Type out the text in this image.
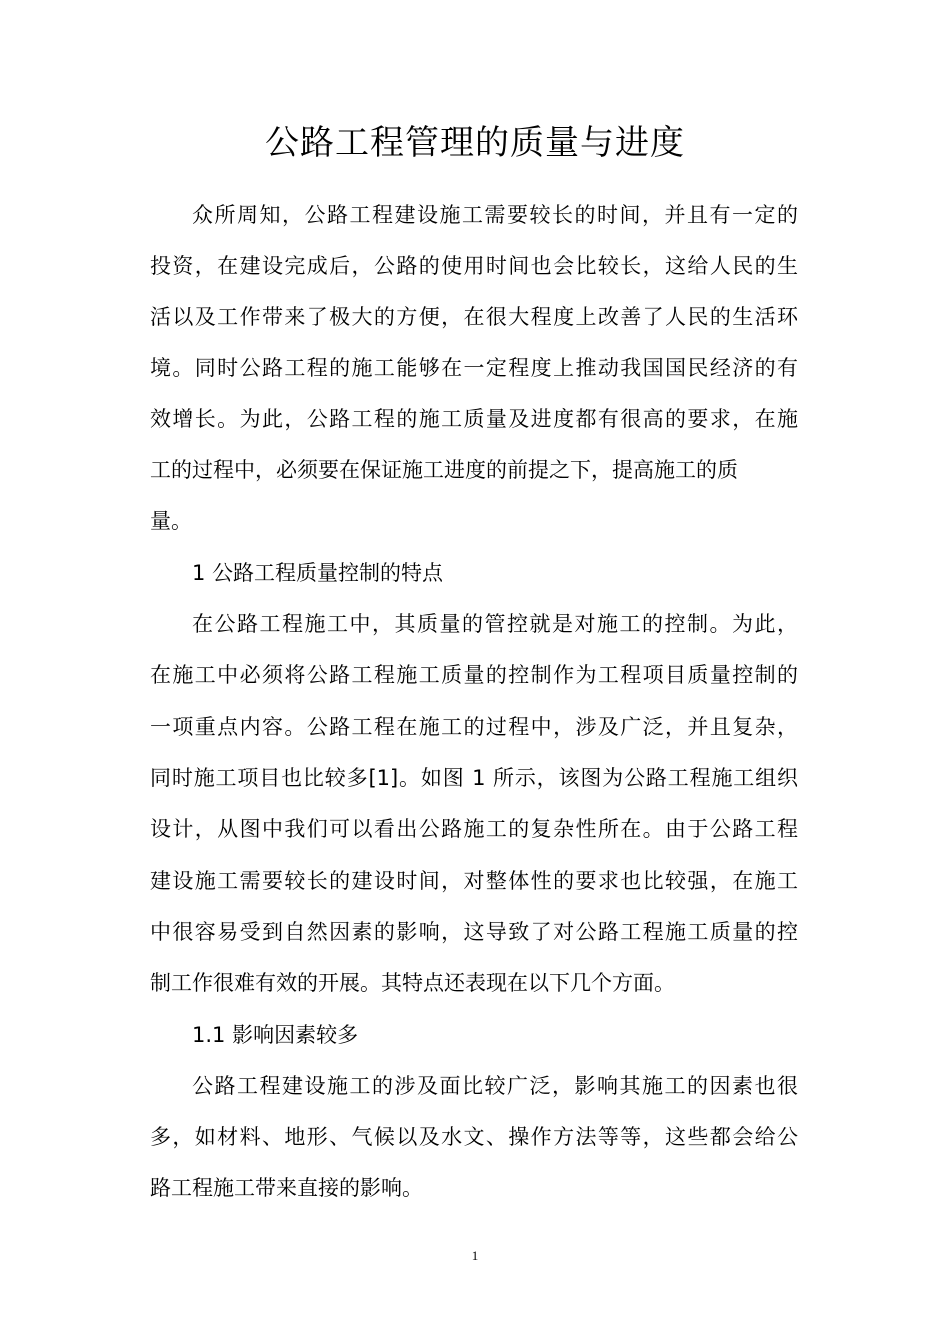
公路工程管理的质量与进度
众所周知，公路工程建设施工需要较长的时间，并且有一定的
投资，在建设完成后，公路的使用时间也会比较长，这给人民的生
活以及工作带来了极大的方便，在很大程度上改善了人民的生活环
境。同时公路工程的施工能够在一定程度上推动我国国民经济的有
效增长。为此，公路工程的施工质量及进度都有很高的要求，在施
工的过程中，必须要在保证施工进度的前提之下，提高施工的质
量。
1 公路工程质量控制的特点
在公路工程施工中，其质量的管控就是对施工的控制。为此，
在施工中必须将公路工程施工质量的控制作为工程项目质量控制的
一项重点内容。公路工程在施工的过程中，涉及广泛，并且复杂，
同时施工项目也比较多[1]。如图 1 所示，该图为公路工程施工组织
设计，从图中我们可以看出公路施工的复杂性所在。由于公路工程
建设施工需要较长的建设时间，对整体性的要求也比较强，在施工
中很容易受到自然因素的影响，这导致了对公路工程施工质量的控
制工作很难有效的开展。其特点还表现在以下几个方面。
1.1 影响因素较多
公路工程建设施工的涉及面比较广泛，影响其施工的因素也很
多，如材料、地形、气候以及水文、操作方法等等，这些都会给公
路工程施工带来直接的影响。
1
